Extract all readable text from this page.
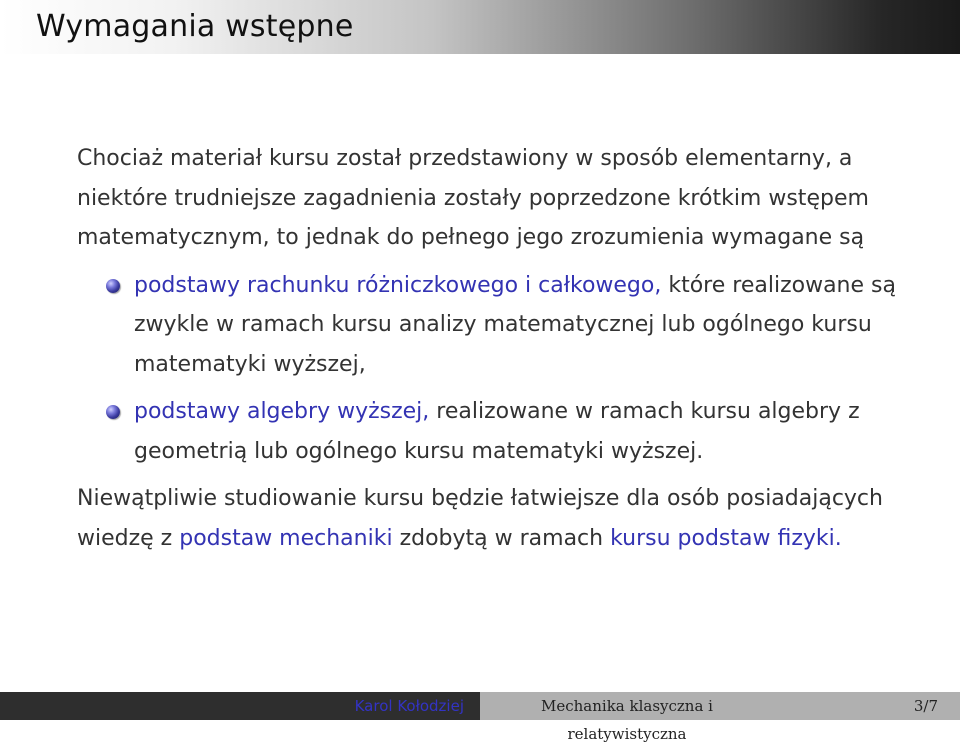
Wymagania wstępne

Chociaż materiał kursu został przedstawiony w sposób elementarny, a niektóre trudniejsze zagadnienia zostały poprzedzone krótkim wstępem matematycznym, to jednak do pełnego jego zrozumienia wymagane są

podstawy rachunku różniczkowego i całkowego, które realizowane są zwykle w ramach kursu analizy matematycznej lub ogólnego kursu matematyki wyższej,
podstawy algebry wyższej, realizowane w ramach kursu algebry z geometrią lub ogólnego kursu matematyki wyższej.

Niewątpliwie studiowanie kursu będzie łatwiejsze dla osób posiadających wiedzę z podstaw mechaniki zdobytą w ramach kursu podstaw fizyki.

Karol Kołodziej	Mechanika klasyczna i relatywistyczna
3/7
